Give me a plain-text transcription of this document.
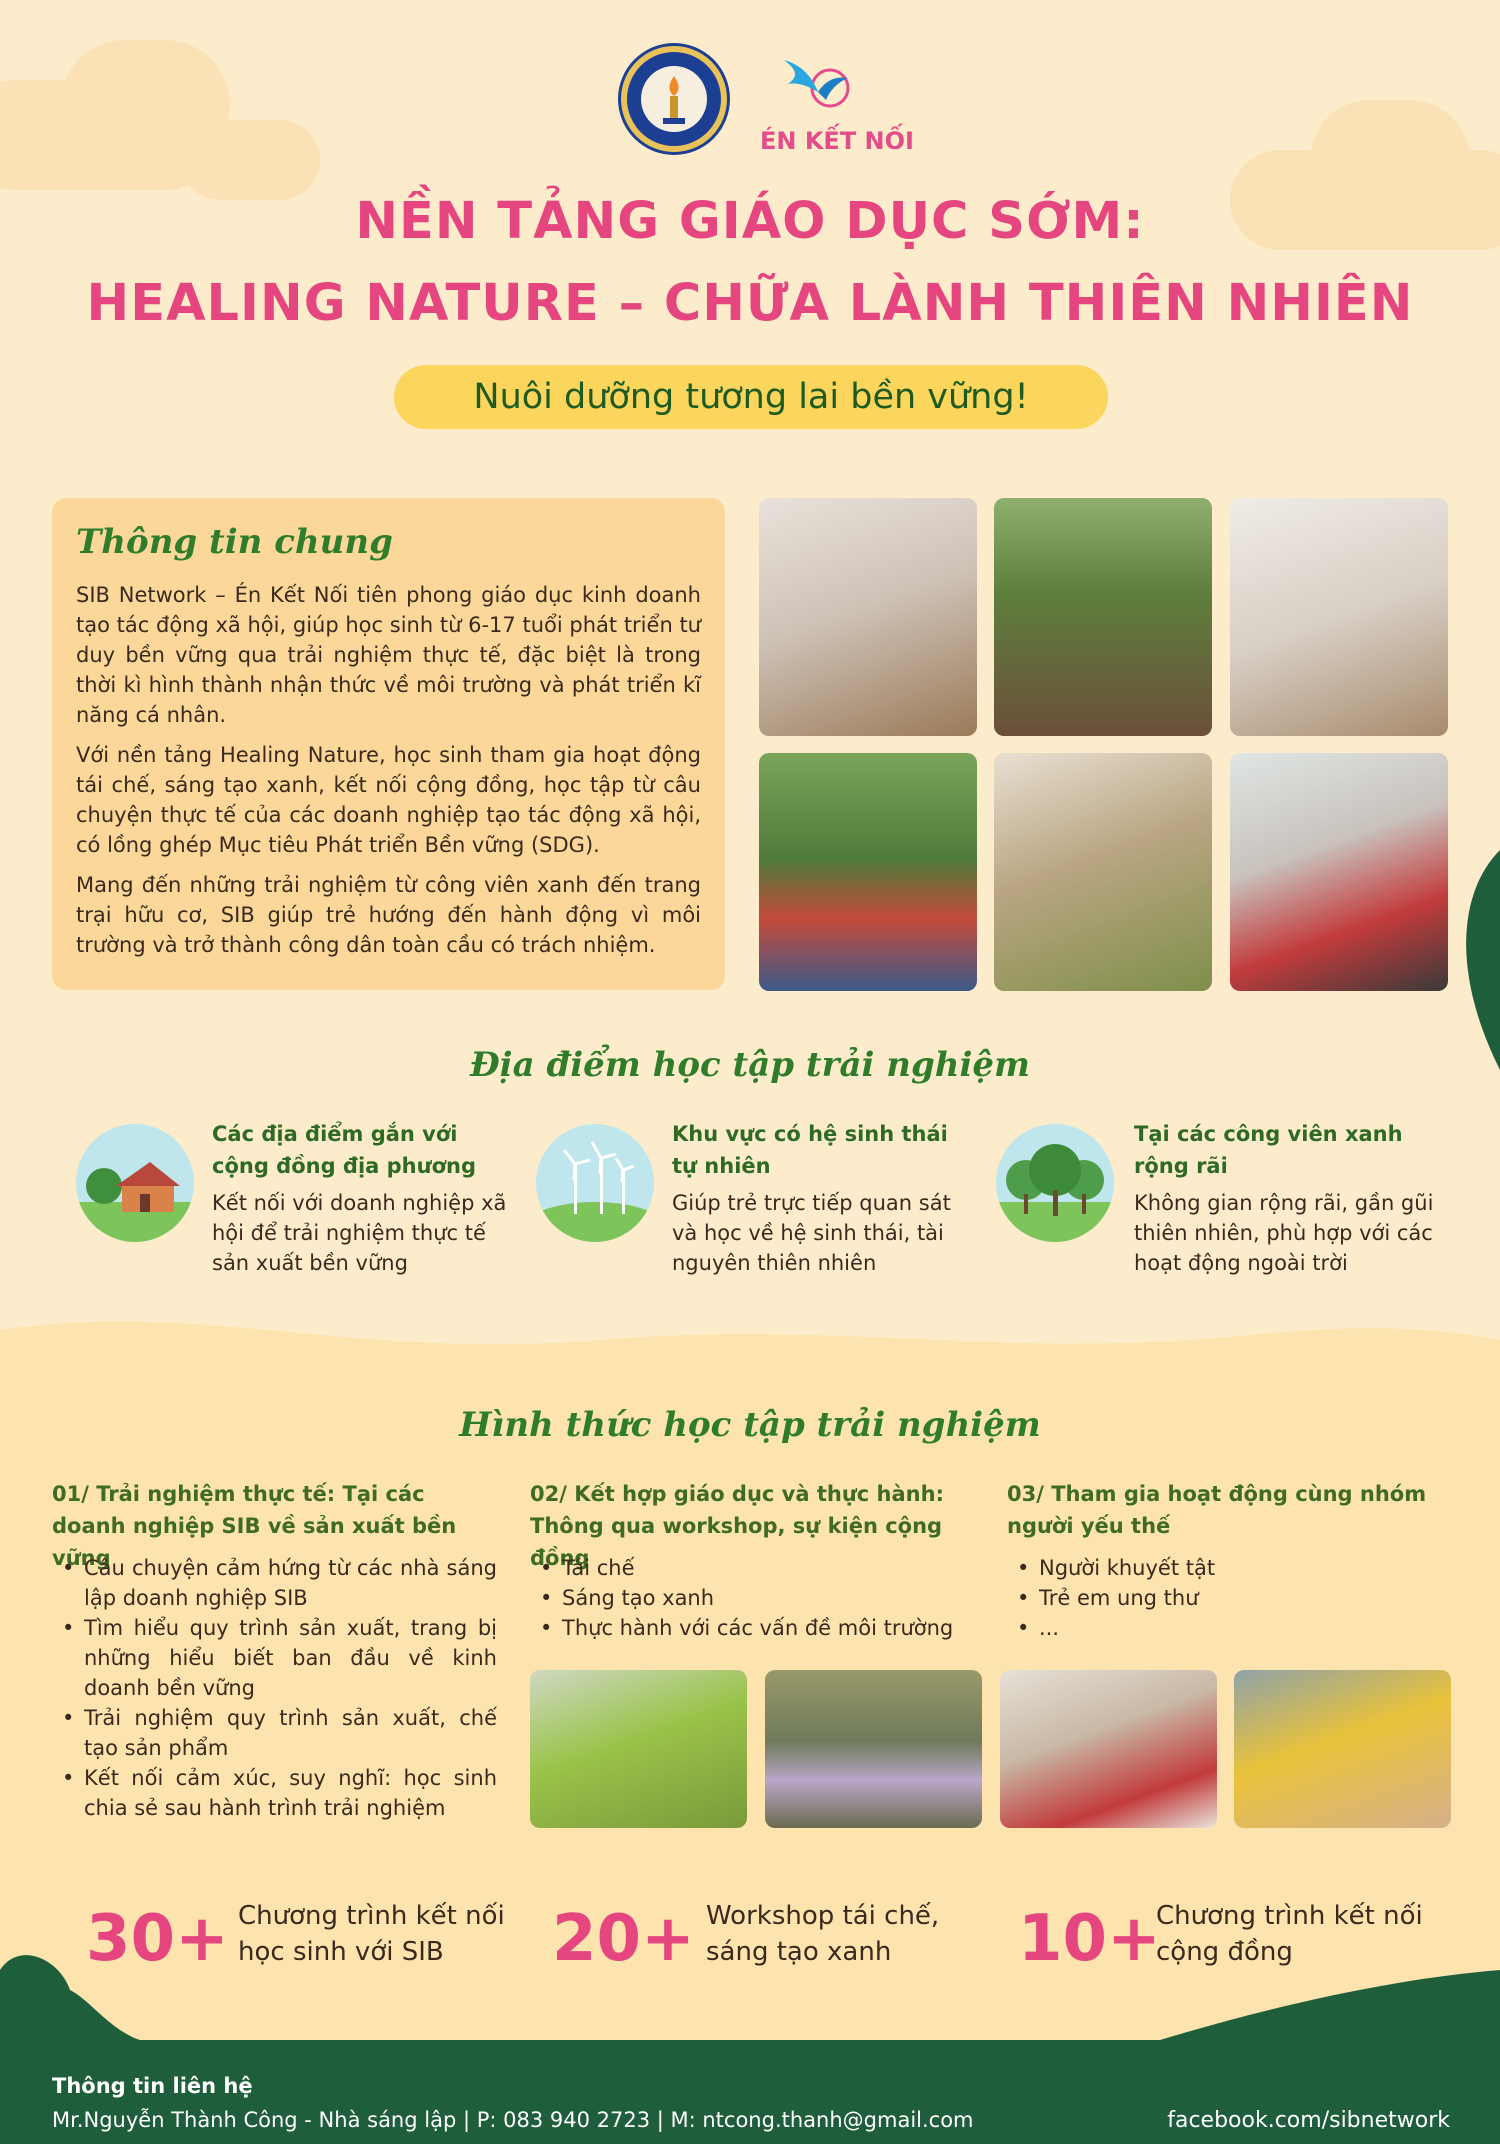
ÉN KẾT NỐI
NỀN TẢNG GIÁO DỤC SỚM:
HEALING NATURE – CHỮA LÀNH THIÊN NHIÊN
Nuôi dưỡng tương lai bền vững!
Thông tin chung

SIB Network – Én Kết Nối tiên phong giáo dục kinh doanh tạo tác động xã hội, giúp học sinh từ 6-17 tuổi phát triển tư duy bền vững qua trải nghiệm thực tế, đặc biệt là trong thời kì hình thành nhận thức về môi trường và phát triển kĩ năng cá nhân.

Với nền tảng Healing Nature, học sinh tham gia hoạt động tái chế, sáng tạo xanh, kết nối cộng đồng, học tập từ câu chuyện thực tế của các doanh nghiệp tạo tác động xã hội, có lồng ghép Mục tiêu Phát triển Bền vững (SDG).

Mang đến những trải nghiệm từ công viên xanh đến trang trại hữu cơ, SIB giúp trẻ hướng đến hành động vì môi trường và trở thành công dân toàn cầu có trách nhiệm.

Địa điểm học tập trải nghiệm
Các địa điểm gắn với cộng đồng địa phương
Kết nối với doanh nghiệp xã hội để trải nghiệm thực tế sản xuất bền vững
Khu vực có hệ sinh thái tự nhiên
Giúp trẻ trực tiếp quan sát và học về hệ sinh thái, tài nguyên thiên nhiên
Tại các công viên xanh rộng rãi
Không gian rộng rãi, gần gũi thiên nhiên, phù hợp với các hoạt động ngoài trời
Hình thức học tập trải nghiệm
01/ Trải nghiệm thực tế: Tại các doanh nghiệp SIB về sản xuất bền vững
• Câu chuyện cảm hứng từ các nhà sáng lập doanh nghiệp SIB
• Tìm hiểu quy trình sản xuất, trang bị những hiểu biết ban đầu về kinh doanh bền vững
• Trải nghiệm quy trình sản xuất, chế tạo sản phẩm
• Kết nối cảm xúc, suy nghĩ: học sinh chia sẻ sau hành trình trải nghiệm
02/ Kết hợp giáo dục và thực hành: Thông qua workshop, sự kiện cộng đồng
• Tái chế
• Sáng tạo xanh
• Thực hành với các vấn đề môi trường
03/ Tham gia hoạt động cùng nhóm người yếu thế
• Người khuyết tật
• Trẻ em ung thư
• ...
30+ Chương trình kết nối
học sinh với SIB 20+ Workshop tái chế,
sáng tạo xanh 10+
Chương trình kết nối
cộng đồng
Thông tin liên hệ
Mr.Nguyễn Thành Công - Nhà sáng lập | P: 083 940 2723 | M: ntcong.thanh@gmail.com	facebook.com/sibnetwork
